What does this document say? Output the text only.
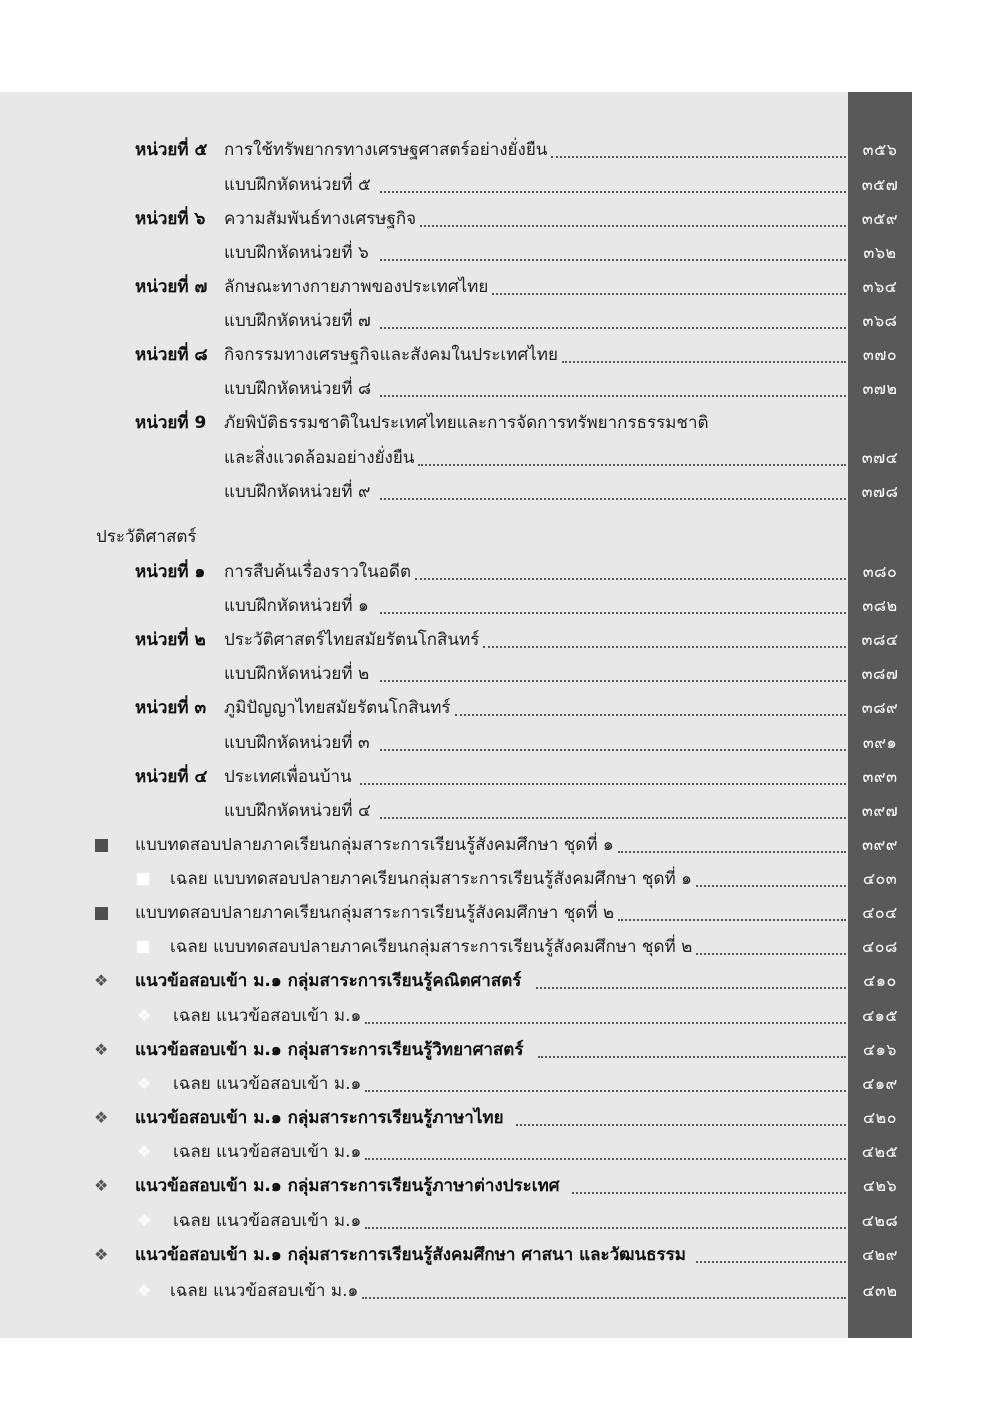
ประวัติศาสตร์
หน่วยที่ ๕ การใช้ทรัพยากรทางเศรษฐศาสตร์อย่างยั่งยืน	๓๕๖
แบบฝึกหัดหน่วยที่ ๕	๓๕๗
หน่วยที่ ๖ ความสัมพันธ์ทางเศรษฐกิจ	๓๕๙
แบบฝึกหัดหน่วยที่ ๖	๓๖๒
หน่วยที่ ๗ ลักษณะทางกายภาพของประเทศไทย	๓๖๔
แบบฝึกหัดหน่วยที่ ๗	๓๖๘
หน่วยที่ ๘ กิจกรรมทางเศรษฐกิจและสังคมในประเทศไทย	๓๗๐
แบบฝึกหัดหน่วยที่ ๘	๓๗๒
หน่วยที่ 9 ภัยพิบัติธรรมชาติในประเทศไทยและการจัดการทรัพยากรธรรมชาติ
และสิ่งแวดล้อมอย่างยั่งยืน	๓๗๔
แบบฝึกหัดหน่วยที่ ๙	๓๗๘
หน่วยที่ ๑ การสืบค้นเรื่องราวในอดีต	๓๘๐
แบบฝึกหัดหน่วยที่ ๑	๓๘๒
หน่วยที่ ๒ ประวัติศาสตร์ไทยสมัยรัตนโกสินทร์	๓๘๔
แบบฝึกหัดหน่วยที่ ๒	๓๘๗
หน่วยที่ ๓ ภูมิปัญญาไทยสมัยรัตนโกสินทร์	๓๘๙
แบบฝึกหัดหน่วยที่ ๓	๓๙๑
หน่วยที่ ๔ ประเทศเพื่อนบ้าน	๓๙๓
แบบฝึกหัดหน่วยที่ ๔	๓๙๗
แบบทดสอบปลายภาคเรียนกลุ่มสาระการเรียนรู้สังคมศึกษา ชุดที่ ๑	๓๙๙
เฉลย แบบทดสอบปลายภาคเรียนกลุ่มสาระการเรียนรู้สังคมศึกษา ชุดที่ ๑	๔๐๓
แบบทดสอบปลายภาคเรียนกลุ่มสาระการเรียนรู้สังคมศึกษา ชุดที่ ๒	๔๐๔
เฉลย แบบทดสอบปลายภาคเรียนกลุ่มสาระการเรียนรู้สังคมศึกษา ชุดที่ ๒	๔๐๘
❖ แนวข้อสอบเข้า ม.๑ กลุ่มสาระการเรียนรู้คณิตศาสตร์	๔๑๐
❖ เฉลย แนวข้อสอบเข้า ม.๑	๔๑๕
❖ แนวข้อสอบเข้า ม.๑ กลุ่มสาระการเรียนรู้วิทยาศาสตร์	๔๑๖
❖ เฉลย แนวข้อสอบเข้า ม.๑	๔๑๙
❖ แนวข้อสอบเข้า ม.๑ กลุ่มสาระการเรียนรู้ภาษาไทย	๔๒๐
❖ เฉลย แนวข้อสอบเข้า ม.๑	๔๒๕
❖ แนวข้อสอบเข้า ม.๑ กลุ่มสาระการเรียนรู้ภาษาต่างประเทศ	๔๒๖
❖ เฉลย แนวข้อสอบเข้า ม.๑	๔๒๘
❖ แนวข้อสอบเข้า ม.๑ กลุ่มสาระการเรียนรู้สังคมศึกษา ศาสนา และวัฒนธรรม	๔๒๙
❖ เฉลย แนวข้อสอบเข้า ม.๑	๔๓๒
